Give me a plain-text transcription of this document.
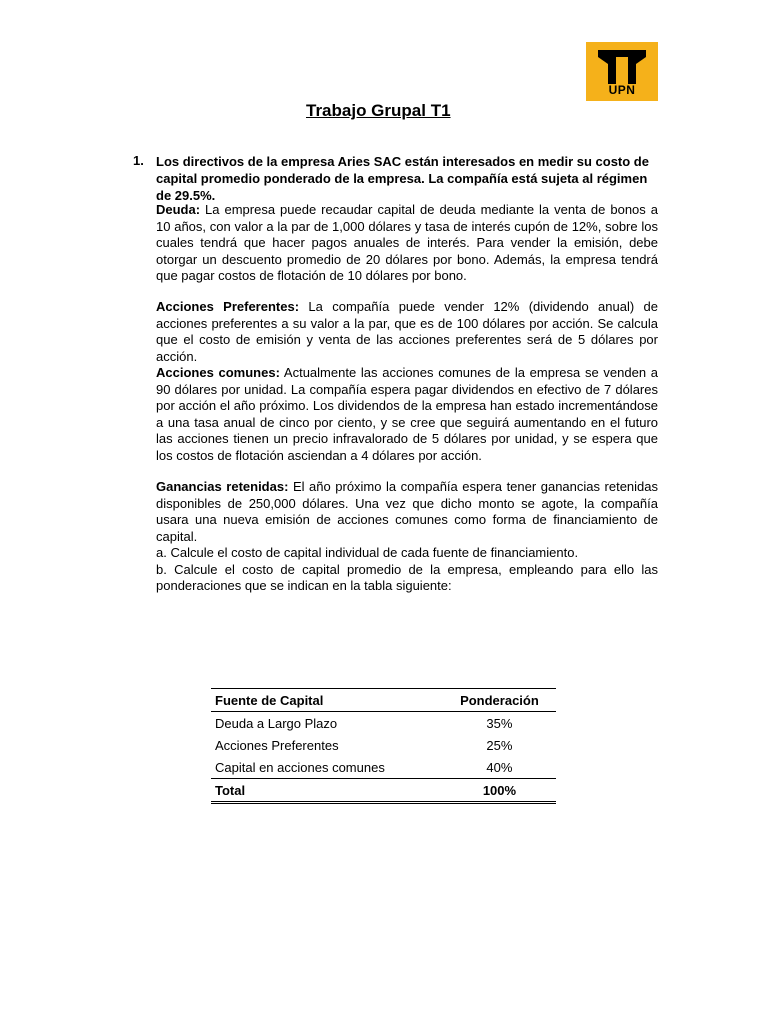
UPN
Trabajo Grupal T1
1. Los directivos de la empresa Aries SAC están interesados en medir su costo de capital promedio ponderado de la empresa. La compañía está sujeta al régimen de 29.5%.
Deuda: La empresa puede recaudar capital de deuda mediante la venta de bonos a 10 años, con valor a la par de 1,000 dólares y tasa de interés cupón de 12%, sobre los cuales tendrá que hacer pagos anuales de interés. Para vender la emisión, debe otorgar un descuento promedio de 20 dólares por bono. Además, la empresa tendrá que pagar costos de flotación de 10 dólares por bono.
Acciones Preferentes: La compañía puede vender 12% (dividendo anual) de acciones preferentes a su valor a la par, que es de 100 dólares por acción. Se calcula que el costo de emisión y venta de las acciones preferentes será de 5 dólares por acción.
Acciones comunes: Actualmente las acciones comunes de la empresa se venden a 90 dólares por unidad. La compañía espera pagar dividendos en efectivo de 7 dólares por acción el año próximo. Los dividendos de la empresa han estado incrementándose a una tasa anual de cinco por ciento, y se cree que seguirá aumentando en el futuro las acciones tienen un precio infravalorado de 5 dólares por unidad, y se espera que los costos de flotación asciendan a 4 dólares por acción.
Ganancias retenidas: El año próximo la compañía espera tener ganancias retenidas disponibles de 250,000 dólares. Una vez que dicho monto se agote, la compañía usara una nueva emisión de acciones comunes como forma de financiamiento de capital.
a. Calcule el costo de capital individual de cada fuente de financiamiento.
b. Calcule el costo de capital promedio de la empresa, empleando para ello las ponderaciones que se indican en la tabla siguiente:
Fuente de Capital	Ponderación
Deuda a Largo Plazo	35%
Acciones Preferentes	25%
Capital en acciones comunes	40%
Total	100%
